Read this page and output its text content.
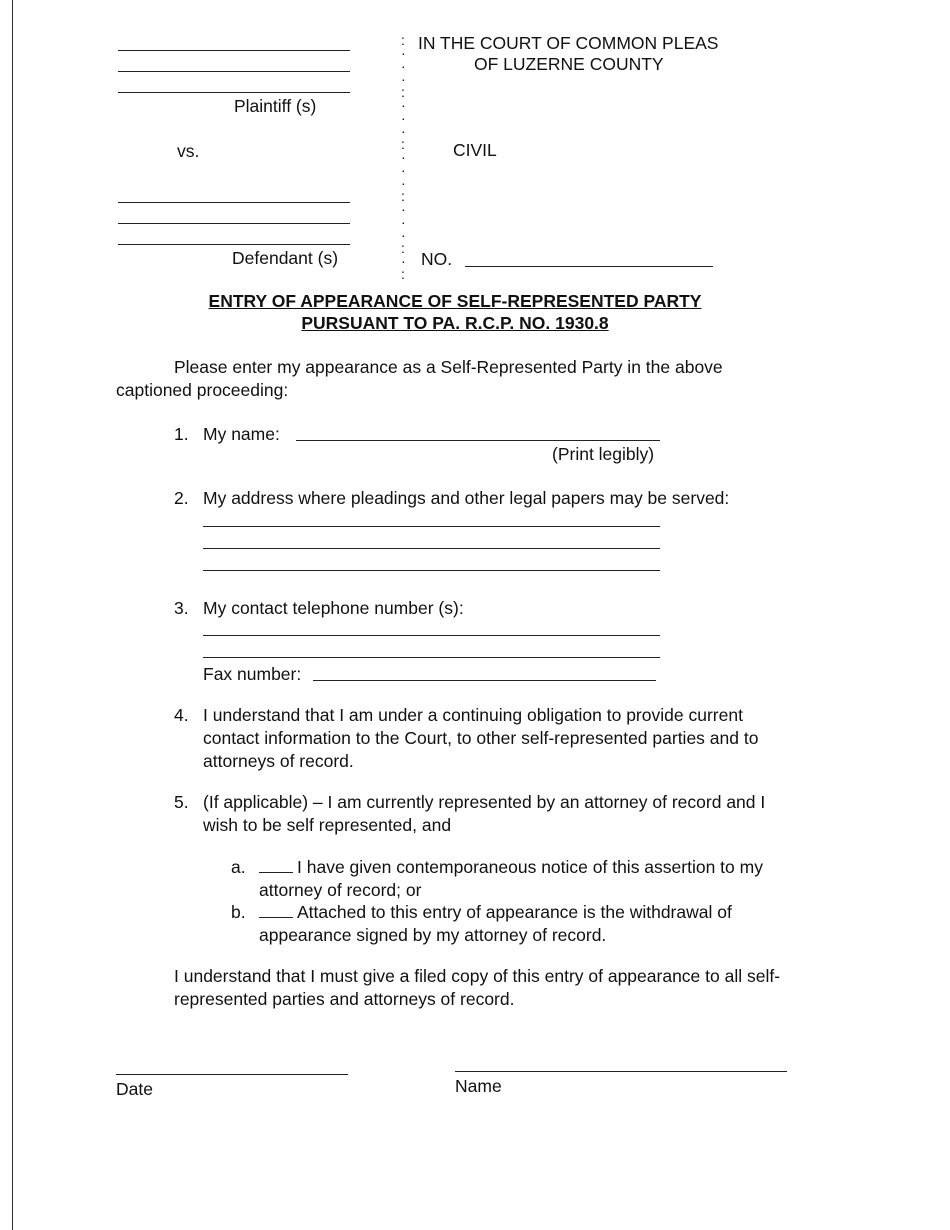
Plaintiff (s)
vs.
Defendant (s)
:
·
·
·
:
·
·
·
:
·
·
·
:
·
·
·
:
·
:
IN THE COURT OF COMMON PLEAS
OF LUZERNE COUNTY
CIVIL
NO.
ENTRY OF APPEARANCE OF SELF-REPRESENTED PARTY
PURSUANT TO PA. R.C.P. NO. 1930.8
Please enter my appearance as a Self-Represented Party in the above captioned proceeding:
1. My name:
(Print legibly)
2. My address where pleadings and other legal papers may be served:
3. My contact telephone number (s):
Fax number:
4. I understand that I am under a continuing obligation to provide current contact information to the Court, to other self-represented parties and to attorneys of record.
5. (If applicable) – I am currently represented by an attorney of record and I wish to be self represented, and
a.	I have given contemporaneous notice of this assertion to my attorney of record; or
b.	Attached to this entry of appearance is the withdrawal of appearance signed by my attorney of record.
I understand that I must give a filed copy of this entry of appearance to all self-represented parties and attorneys of record.
Date	Name
